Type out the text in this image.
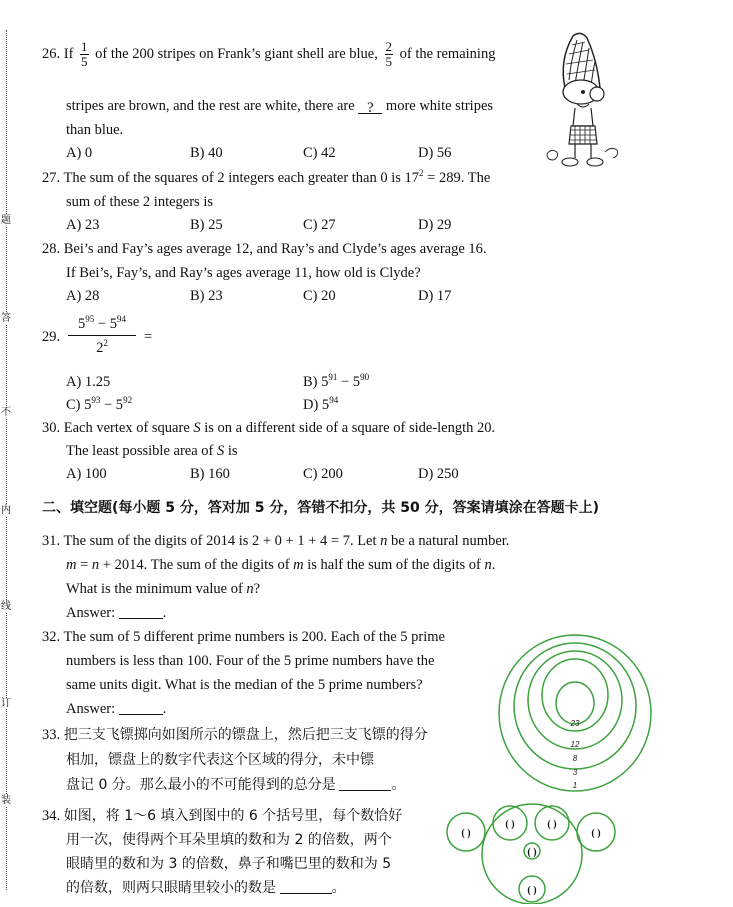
题
答
不
内
线
订
装
26. If $\frac{1}{5}$ of the 200 stripes on Frank’s giant shell are blue, $\frac{2}{5}$ of the remaining
stripes are brown, and the rest are white, there are ? more white stripes
than blue.
A) 0	B) 40	C) 42	D) 56
27. The sum of the squares of 2 integers each greater than 0 is $17^2 = 289$. The
sum of these 2 integers is
A) 23	B) 25	C) 27	D) 29
28. Bei’s and Fay’s ages average 12, and Ray’s and Clyde’s ages average 16.
If Bei’s, Fay’s, and Ray’s ages average 11, how old is Clyde?
A) 28	B) 23	C) 20	D) 17
29. $\frac{5^{95} - 5^{94}}{2^2}$ =
A) 1.25	B) $5^{91} - 5^{90}$
C) $5^{93} - 5^{92}$	D) $5^{94}$
30. Each vertex of square S is on a different side of a square of side-length 20.
The least possible area of S is
A) 100	B) 160	C) 200	D) 250
二、填空题(每小题 5 分，答对加 5 分，答错不扣分，共 50 分，答案请填涂在答题卡上)
31. The sum of the digits of 2014 is 2 + 0 + 1 + 4 = 7. Let n be a natural number.
m = n + 2014. The sum of the digits of m is half the sum of the digits of n.
What is the minimum value of n?
Answer:	.
32. The sum of 5 different prime numbers is 200. Each of the 5 prime
numbers is less than 100. Four of the 5 prime numbers have the
same units digit. What is the median of the 5 prime numbers?
Answer:	.
23
12
8
3
1
33. 把三支飞镖掷向如图所示的镖盘上，然后把三支飞镖的得分
相加，镖盘上的数字代表这个区域的得分，未中镖
盘记 0 分。那么最小的不可能得到的总分是	。
34. 如图，将 1～6 填入到图中的 6 个括号里，每个数恰好
用一次，使得两个耳朵里填的数和为 2 的倍数，两个
眼睛里的数和为 3 的倍数，鼻子和嘴巴里的数和为 5
的倍数，则两只眼睛里较小的数是	。
( )	( )
( )	( )
( )
( )
